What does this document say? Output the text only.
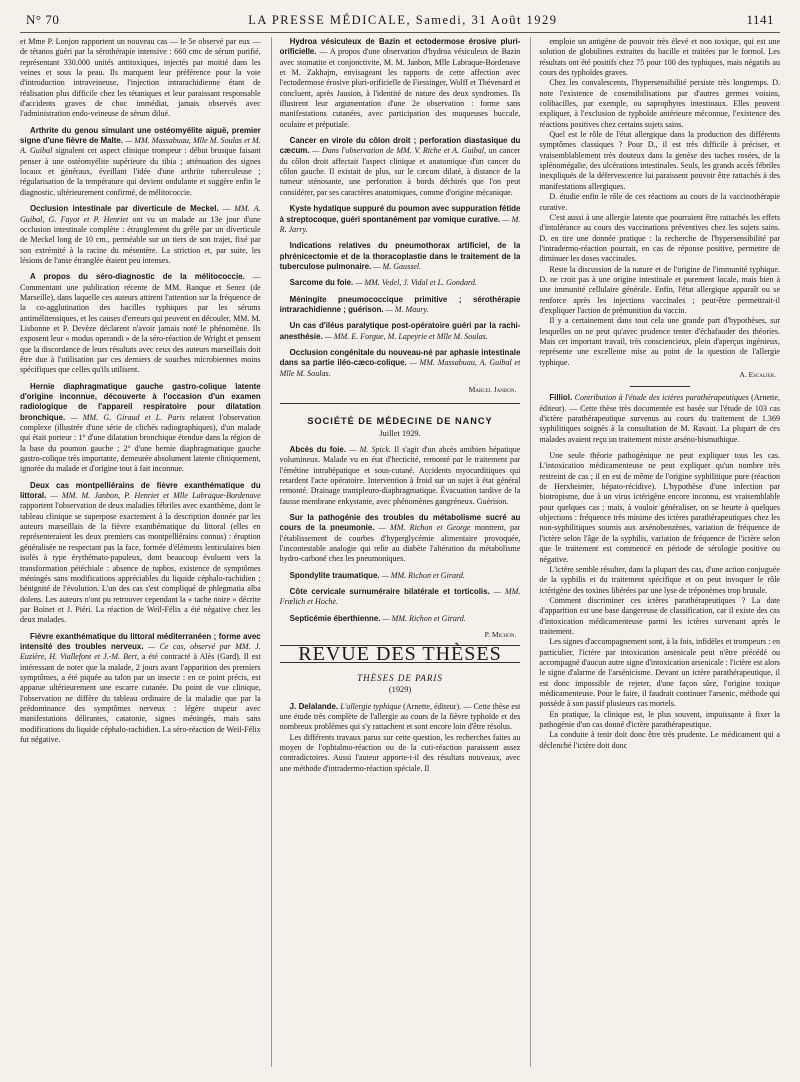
N° 70	LA PRESSE MÉDICALE, Samedi, 31 Août 1929	1141

et Mme P. Lonjon rapportent un nouveau cas — le 5e observé par eux — de tétanos guéri par la sérothérapie intensive : 660 cmc de sérum purifié, représentant 330.000 unités antitoxiques, injectés par moitié dans les veines et sous la peau. Ils marquent leur préférence pour la voie d'introduction intraveineuse, l'injection intrarachidienne étant de réalisation plus difficile chez les tétaniques et leur paraissant responsable d'accidents graves de choc immédiat, jamais observés avec l'administration endo-veineuse de sérum dilué.

Arthrite du genou simulant une ostéomyélite aiguë, premier signe d'une fièvre de Malte. — MM. Massabuau, Mlle M. Soulas et M. A. Guibal signalent cet aspect clinique trompeur : début brusque faisant penser à une ostéomyélite supérieure du tibia ; atténuation des signes locaux et généraux, éveillant l'idée d'une arthrite tuberculeuse ; régularisation de la température qui devient ondulante et suggère enfin le diagnostic, ultérieurement confirmé, de mélitococcie.

Occlusion intestinale par diverticule de Meckel. — MM. A. Guibal, G. Fayot et P. Henriet ont vu un malade au 13e jour d'une occlusion intestinale complète : étranglement du grêle par un diverticule de Meckel long de 10 cm., perméable sur un tiers de son trajet, fixé par son extrémité à la racine du mésentère. La striction et, par suite, les lésions de l'anse étranglée étaient peu intenses.

A propos du séro-diagnostic de la mélitococcie. — Commentant une publication récente de MM. Ranque et Senez (de Marseille), dans laquelle ces auteurs attirent l'attention sur la fréquence de la co-agglutination des bacilles typhiques par les sérums antimélitensiques, et les causes d'erreurs qui peuvent en découler, MM. M. Lisbonne et P. Devèze déclarent n'avoir jamais noté le phénomène. Ils exposent leur « modus operandi » de la séro-réaction de Wright et pensent que la discordance de leurs résultats avec ceux des auteurs marseillais doit être due à l'utilisation par ces derniers de souches microbiennes moins spécifiques que celles qu'ils utilisent.

Hernie diaphragmatique gauche gastro-colique latente d'origine inconnue, découverte à l'occasion d'un examen radiologique de l'appareil respiratoire pour dilatation bronchique. — MM. G. Giraud et L. Paris relatent l'observation complexe (illustrée d'une série de clichés radiographiques), d'un malade qui était porteur : 1° d'une dilatation bronchique étendue dans la région de la base du poumon gauche ; 2° d'une hernie diaphragmatique gauche gastro-colique très importante, demeurée absolument latente cliniquement, ignorée du malade et d'origine tout à fait inconnue.

Deux cas montpelliérains de fièvre exanthématique du littoral. — MM. M. Janbon, P. Henriet et Mlle Labraque-Bordenave rapportent l'observation de deux maladies fébriles avec exanthème, dont le tableau clinique se superpose exactement à la description donnée par les auteurs marseillais de la fièvre exanthématique du littoral (elles en représenteraient les deux premiers cas montpelliérains connus) : éruption généralisée ne respectant pas la face, formée d'éléments lenticulaires bien isolés à type érythémato-papuleux, dont beaucoup évoluent vers la transformation pétéchiale : absence de tuphos, existence de symptômes méningés sans modifications appréciables du liquide céphalo-rachidien ; bénignité de l'évolution. L'un des cas s'est compliqué de phlegmatia alba dolens. Les auteurs n'ont pu retrouver cependant la « tache noire » décrite par Boinet et J. Piéri. La réaction de Weil-Félix a été négative chez les deux malades.

Fièvre exanthématique du littoral méditerranéen ; forme avec intensité des troubles nerveux. — Ce cas, observé par MM. J. Euzière, H. Viallefont et J.-M. Bert, a été contracté à Alès (Gard). Il est intéressant de noter que la malade, 2 jours avant l'apparition des premiers symptômes, a été piquée au talon par un insecte : en ce point précis, est apparue ultérieurement une escarre cutanée. Du point de vue clinique, l'observation ne diffère du tableau ordinaire de la maladie que par la prédominance des symptômes nerveux : légère stupeur avec manifestations délirantes, catatonie, signes méningés, mais sans modifications du liquide céphalo-rachidien. La séro-réaction de Weil-Félix fut négative.

Hydroa vésiculeux de Bazin et ectodermose érosive pluri-orificielle. — A propos d'une observation d'hydroa vésiculeux de Bazin avec stomatite et conjonctivite, M. M. Janbon, Mlle Labraque-Bordenave et M. Zakhajm, envisageant les rapports de cette affection avec l'ectodermose érosive pluri-orificielle de Fiessinger, Wolff et Thévenard et concluent, après Jausion, à l'identité de nature des deux syndromes. Ils illustrent leur argumentation d'une 2e observation : forme sans manifestations cutanées, avec participation des muqueuses buccale, oculaire et préputiale.

Cancer en virole du côlon droit ; perforation diastasique du cæcum. — Dans l'observation de MM. V. Riche et A. Guibal, un cancer du côlon droit affectait l'aspect clinique et anatomique d'un cancer du côlon gauche. Il existait de plus, sur le cæcum dilaté, à distance de la tumeur sténosante, une perforation à bords déchirés que l'on peut considérer, par ses caractères anatomiques, comme d'origine mécanique.

Kyste hydatique suppuré du poumon avec suppuration fétide à streptocoque, guéri spontanément par vomique curative. — M. R. Jarry.

Indications relatives du pneumothorax artificiel, de la phrénicectomie et de la thoracoplastie dans le traitement de la tuberculose pulmonaire. — M. Gaussel.

Sarcome du foie. — MM. Vedel, J. Vidal et L. Gondard.

Méningite pneumococcique primitive ; sérothérapie intrarachidienne ; guérison. — M. Maury.

Un cas d'iléus paralytique post-opératoire guéri par la rachi-anesthésie. — MM. E. Forgue, M. Lapeyrie et Mlle M. Soulas.

Occlusion congénitale du nouveau-né par aphasie intestinale dans sa partie iléo-cæco-colique. — MM. Massabuau, A. Guibal et Mlle M. Soulas.

Marcel Janbon.
SOCIÉTÉ DE MÉDECINE DE NANCY
Juillet 1929.

Abcès du foie. — M. Spick. Il s'agit d'un abcès amibien hépatique volumineux. Malade vu en état d'hecticité, remonté par le traitement par l'émétine intrahépatique et sous-cutané. Accidents myocarditiques qui retardent l'acte opératoire. Intervention à froid sur un sujet à état général remonté. Drainage transpleuro-diaphragmatique. Évacuation tardive de la fausse membrane enkystante, avec phénomènes gangréneux. Guérison.

Sur la pathogénie des troubles du métabolisme sucré au cours de la pneumonie. — MM. Richon et George montrent, par l'établissement de courbes d'hyperglycémie alimentaire provoquée, l'incontestable analogie qui relie au diabète l'altération du métabolisme hydro-carboné chez les pneumoniques.

Spondylite traumatique. — MM. Richon et Girard.

Côte cervicale surnuméraire bilatérale et torticolis. — MM. Frœlich et Hoche.

Septicémie éberthienne. — MM. Richon et Girard.

P. Michon.
REVUE DES THÈSES
THÈSES DE PARIS
(1929)

J. Delalande. L'allergie typhique (Arnette, éditeur). — Cette thèse est une étude très complète de l'allergie au cours de la fièvre typhoïde et des nombreux problèmes qui s'y rattachent et sont encore loin d'être résolus.

Les différents travaux parus sur cette question, les recherches faites au moyen de l'ophtalmo-réaction ou de la cuti-réaction paraissent assez contradictoires. Aussi l'auteur apporte-t-il des résultats nouveaux, avec une méthode d'intradermo-réaction spéciale. Il

emploie un antigène de pouvoir très élevé et non toxique, qui est une solution de globulines extraites du bacille et traitées par le formol. Les résultats ont été positifs chez 75 pour 100 des typhiques, mais négatifs au cours des typhoïdes graves.

Chez les convalescents, l'hypersensibilité persiste très longtemps. D. note l'existence de cosensibilisations par d'autres germes voisins, colibacilles, par exemple, ou saprophytes intestinaux. Elles peuvent expliquer, à l'exclusion de typhoïde antérieure méconnue, l'existence des réactions positives chez certains sujets sains.

Quel est le rôle de l'état allergique dans la production des différents symptômes classiques ? Pour D., il est très difficile à préciser, et vraisemblablement très douteux dans la genèse des taches rosées, de la splénomégalie, des ulcérations intestinales. Seuls, les grands accès fébriles inexpliqués de la défervescence lui paraissent pouvoir être rattachés à des manifestations allergiques.

D. étudie enfin le rôle de ces réactions au cours de la vaccinothérapie curative.

C'est aussi à une allergie latente que pourraient être rattachés les effets d'intolérance au cours des vaccinations préventives chez les sujets sains. D. en tire une donnée pratique : la recherche de l'hypersensibilité par l'intradermo-réaction pourrait, en cas de réponse positive, permettre de diminuer les doses vaccinales.

Reste la discussion de la nature et de l'origine de l'immunité typhique. D. ne croit pas à une origine intestinale et purement locale, mais bien à une immunité cellulaire générale. Enfin, l'état allergique apparaît ou se renforce après les injections vaccinales ; peut-être permettrait-il d'expliquer l'action de prémunition du vaccin.

Il y a certainement dans tout cela une grande part d'hypothèses, sur lesquelles on ne peut qu'avec prudence tenter d'échafauder des théories. Mais cet important travail, très consciencieux, plein d'aperçus ingénieux, représente une excellente mise au point de la question de l'allergie typhique.

A. Escalier.

Filliol. Contribution à l'étude des ictères parathérapeutiques (Arnette, éditeur). — Cette thèse très documentée est basée sur l'étude de 103 cas d'ictère parathérapeutique survenus au cours du traitement de 1.369 syphilitiques soignés à la consultation de M. Ravaut. La plupart de ces malades avaient reçu un traitement mixte arséno-bismuthique.

Une seule théorie pathogénique ne peut expliquer tous les cas. L'intoxication médicamenteuse ne peut expliquer qu'un nombre très restreint de cas ; il en est de même de l'origine syphilitique pure (réaction de Herxheimer, hépato-récidive). L'hypothèse d'une infection par biotropisme, due à un virus ictérigène encore inconnu, est vraisemblable pour quelques cas ; mais, à vouloir généraliser, on se heurte à quelques objections : fréquence très minime des ictères parathérapeutiques chez les non-syphilitiques soumis aux arsénobenzènes, variation de fréquence de l'ictère selon l'âge de la syphilis, variation de fréquence de l'ictère selon que le traitement est commencé en période de sérologie positive ou négative.

L'ictère semble résulter, dans la plupart des cas, d'une action conjuguée de la syphilis et du traitement spécifique et on peut invoquer le rôle ictérigène des toxines libérées par une lyse de tréponèmes trop brutale.

Comment discriminer ces ictères parathérapeutiques ? La date d'apparition est une base dangereuse de classification, car il existe des cas d'intoxication médicamenteuse parmi les ictères survenant après le traitement.

Les signes d'accompagnement sont, à la fois, infidèles et trompeurs : en particulier, l'ictère par intoxication arsenicale peut n'être précédé ou accompagné d'aucun autre signe d'intoxication arsenicale : l'ictère est alors le signe d'alarme de l'arsénicisme. Devant un ictère parathérapeutique, il est donc impossible de rejeter, d'une façon sûre, l'origine toxique médicamenteuse. Pour le faire, il faudrait continuer l'arsenic, méthode qui possède à son passif plusieurs cas mortels.

En pratique, la clinique est, le plus souvent, impuissante à fixer la pathogénie d'un cas donné d'ictère parathérapeutique.

La conduite à tenir doit donc être très prudente. Le médicament qui a déclenché l'ictère doit donc
